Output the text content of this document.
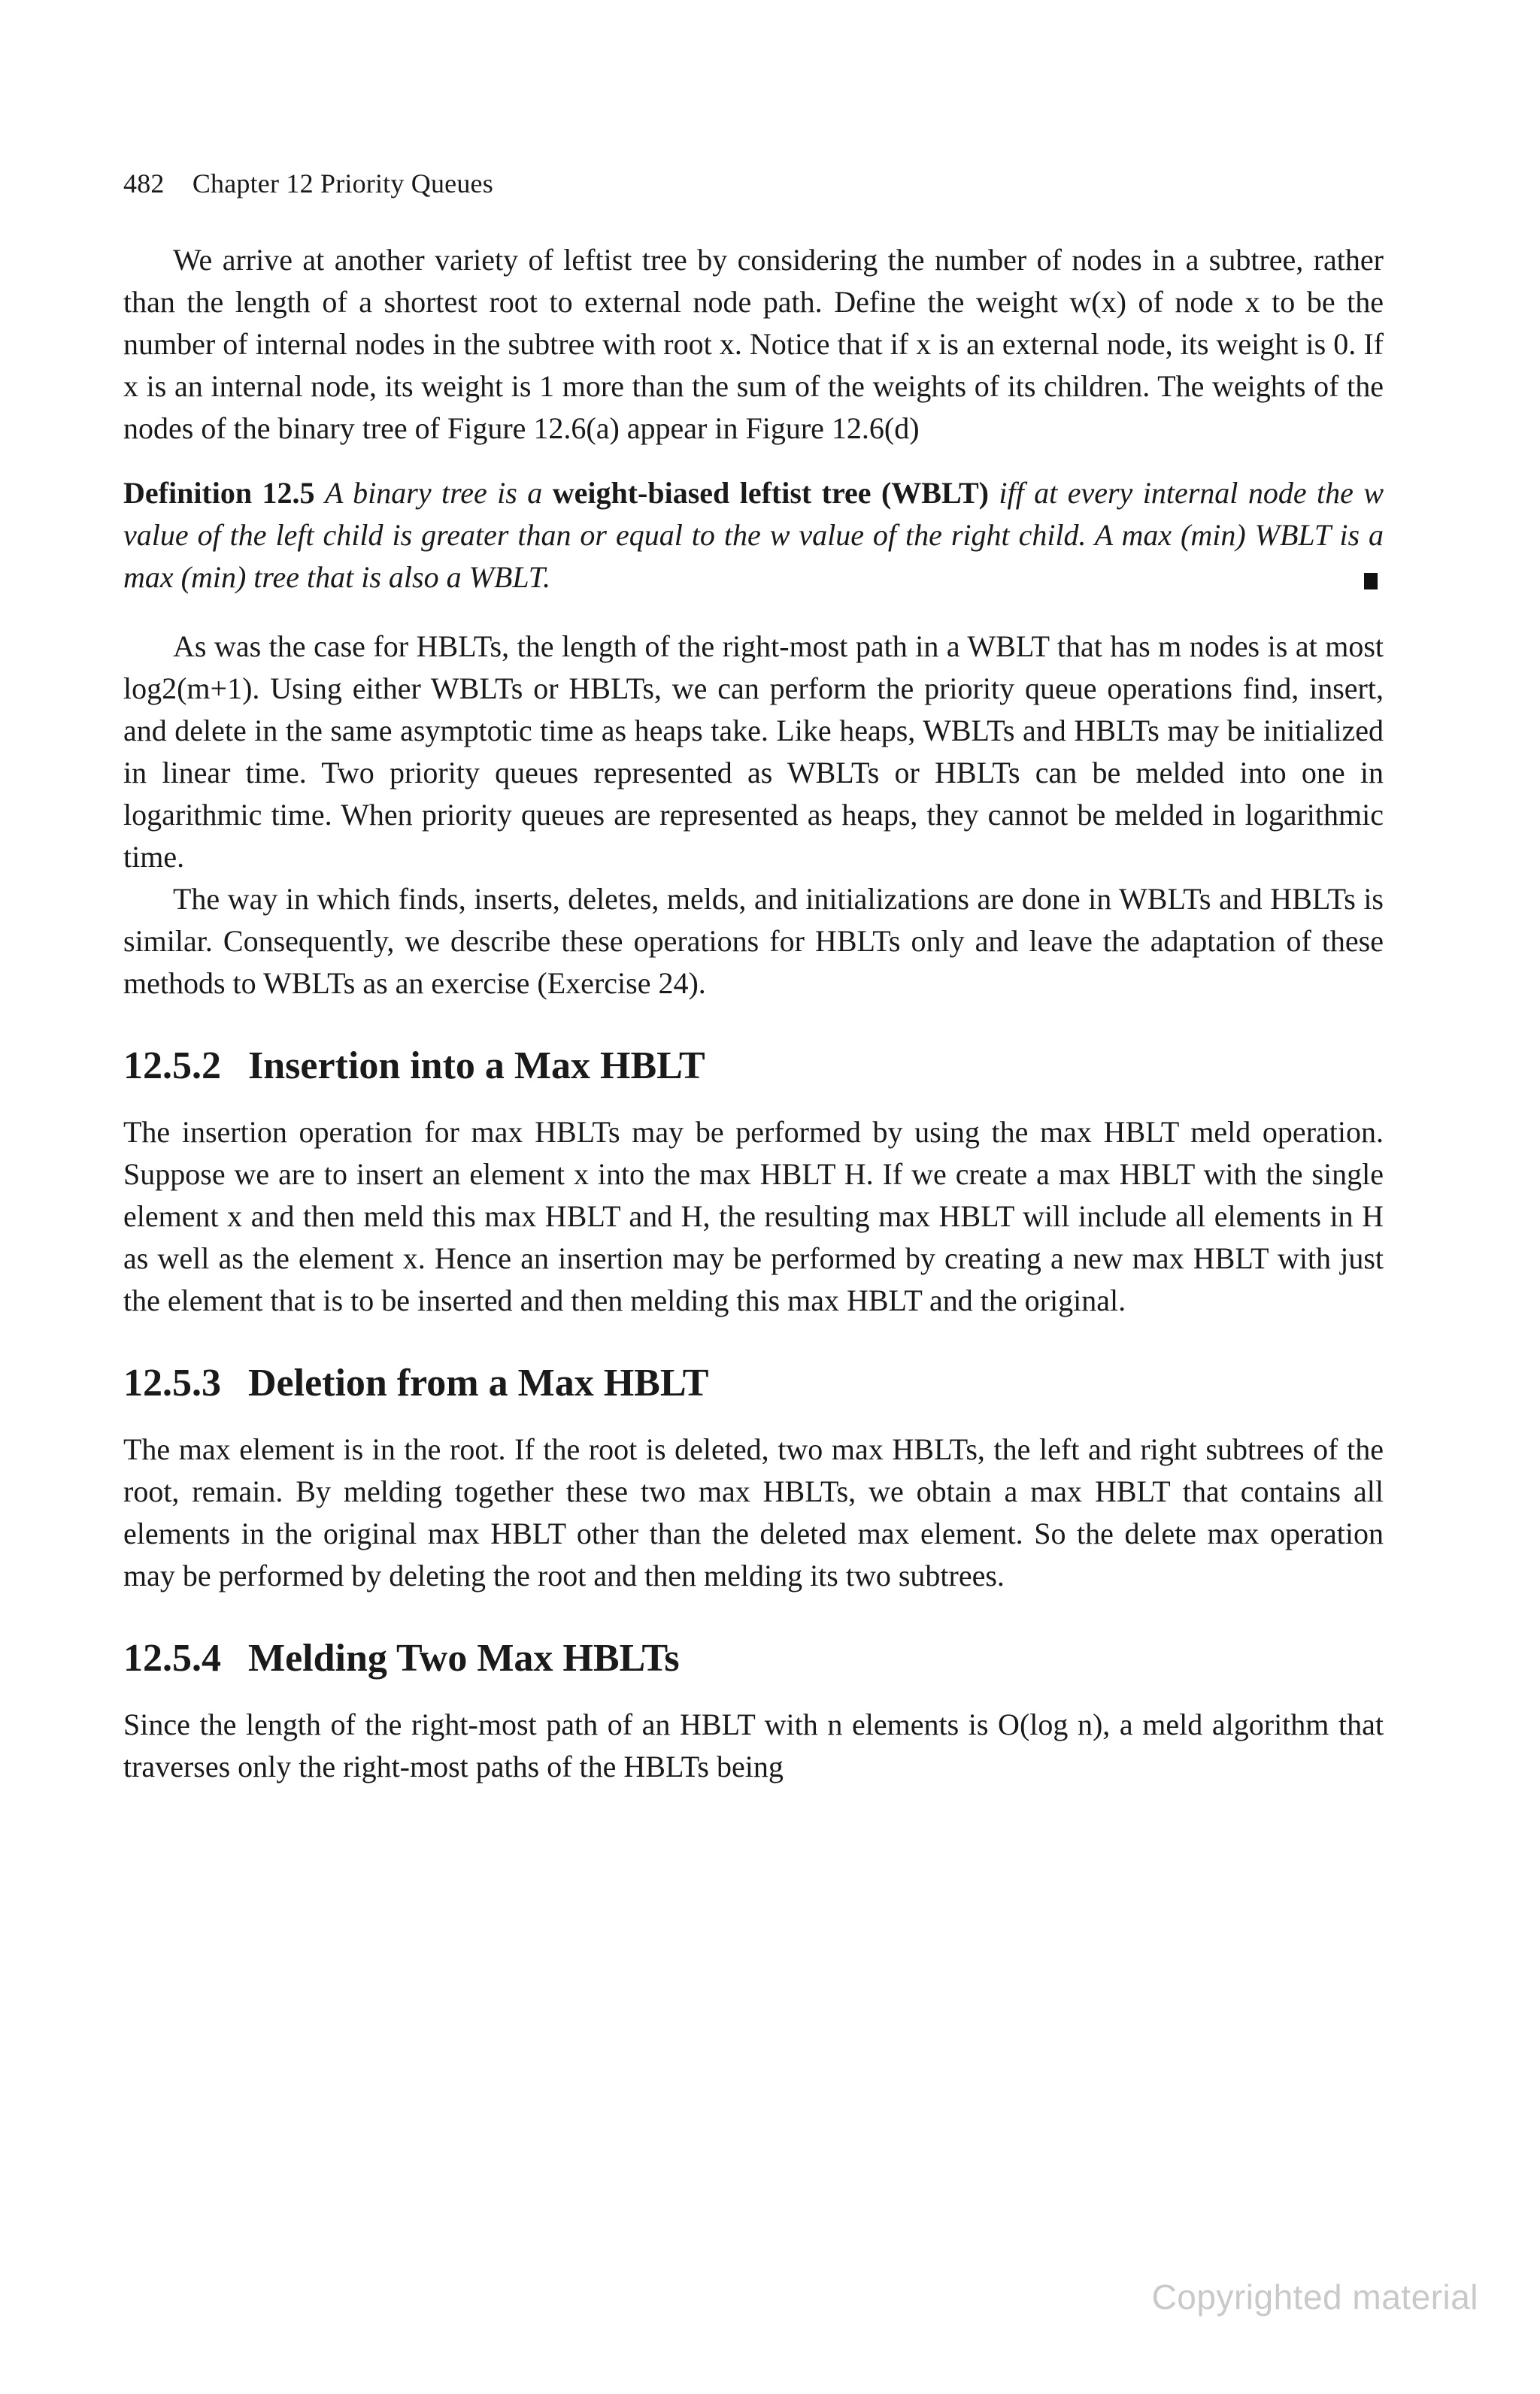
482 Chapter 12 Priority Queues

We arrive at another variety of leftist tree by considering the number of nodes in a subtree, rather than the length of a shortest root to external node path. Define the weight w(x) of node x to be the number of internal nodes in the subtree with root x. Notice that if x is an external node, its weight is 0. If x is an internal node, its weight is 1 more than the sum of the weights of its children. The weights of the nodes of the binary tree of Figure 12.6(a) appear in Figure 12.6(d)

Definition 12.5 A binary tree is a weight-biased leftist tree (WBLT) iff at every internal node the w value of the left child is greater than or equal to the w value of the right child. A max (min) WBLT is a max (min) tree that is also a WBLT.

As was the case for HBLTs, the length of the right-most path in a WBLT that has m nodes is at most log2(m+1). Using either WBLTs or HBLTs, we can perform the priority queue operations find, insert, and delete in the same asymptotic time as heaps take. Like heaps, WBLTs and HBLTs may be initialized in linear time. Two priority queues represented as WBLTs or HBLTs can be melded into one in logarithmic time. When priority queues are represented as heaps, they cannot be melded in logarithmic time.

The way in which finds, inserts, deletes, melds, and initializations are done in WBLTs and HBLTs is similar. Consequently, we describe these operations for HBLTs only and leave the adaptation of these methods to WBLTs as an exercise (Exercise 24).

12.5.2 Insertion into a Max HBLT

The insertion operation for max HBLTs may be performed by using the max HBLT meld operation. Suppose we are to insert an element x into the max HBLT H. If we create a max HBLT with the single element x and then meld this max HBLT and H, the resulting max HBLT will include all elements in H as well as the element x. Hence an insertion may be performed by creating a new max HBLT with just the element that is to be inserted and then melding this max HBLT and the original.

12.5.3 Deletion from a Max HBLT

The max element is in the root. If the root is deleted, two max HBLTs, the left and right subtrees of the root, remain. By melding together these two max HBLTs, we obtain a max HBLT that contains all elements in the original max HBLT other than the deleted max element. So the delete max operation may be performed by deleting the root and then melding its two subtrees.

12.5.4 Melding Two Max HBLTs

Since the length of the right-most path of an HBLT with n elements is O(log n), a meld algorithm that traverses only the right-most paths of the HBLTs being

Copyrighted material
